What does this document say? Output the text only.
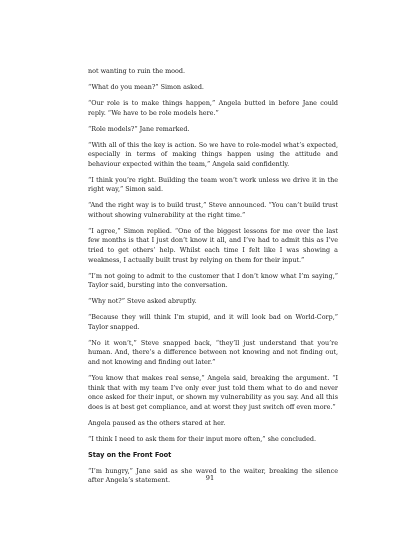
not wanting to ruin the mood.

“What do you mean?” Simon asked.

“Our role is to make things happen,” Angela butted in before Jane could reply. “We have to be role models here.”

“Role models?” Jane remarked.

“With all of this the key is action. So we have to role-model what’s expected, especially in terms of making things happen using the attitude and behaviour expected within the team,” Angela said confidently.

“I think you’re right. Building the team won’t work unless we drive it in the right way,” Simon said.

“And the right way is to build trust,” Steve announced. “You can’t build trust without showing vulnerability at the right time.”

“I agree,” Simon replied. “One of the biggest lessons for me over the last few months is that I just don’t know it all, and I’ve had to admit this as I’ve tried to get others’ help. Whilst each time I felt like I was showing a weakness, I actually built trust by relying on them for their input.”

“I’m not going to admit to the customer that I don’t know what I’m saying,” Taylor said, bursting into the conversation.

“Why not?” Steve asked abruptly.

“Because they will think I’m stupid, and it will look bad on World-Corp,” Taylor snapped.

“No it won’t,” Steve snapped back, “they’ll just understand that you’re human. And, there’s a difference between not knowing and not finding out, and not knowing and finding out later.”

“You know that makes real sense,” Angela said, breaking the argument. “I think that with my team I’ve only ever just told them what to do and never once asked for their input, or shown my vulnerability as you say. And all this does is at best get compliance, and at worst they just switch off even more.”

Angela paused as the others stared at her.

“I think I need to ask them for their input more often,” she concluded.

Stay on the Front Foot

“I’m hungry,” Jane said as she waved to the waiter, breaking the silence after Angela’s statement.	91
